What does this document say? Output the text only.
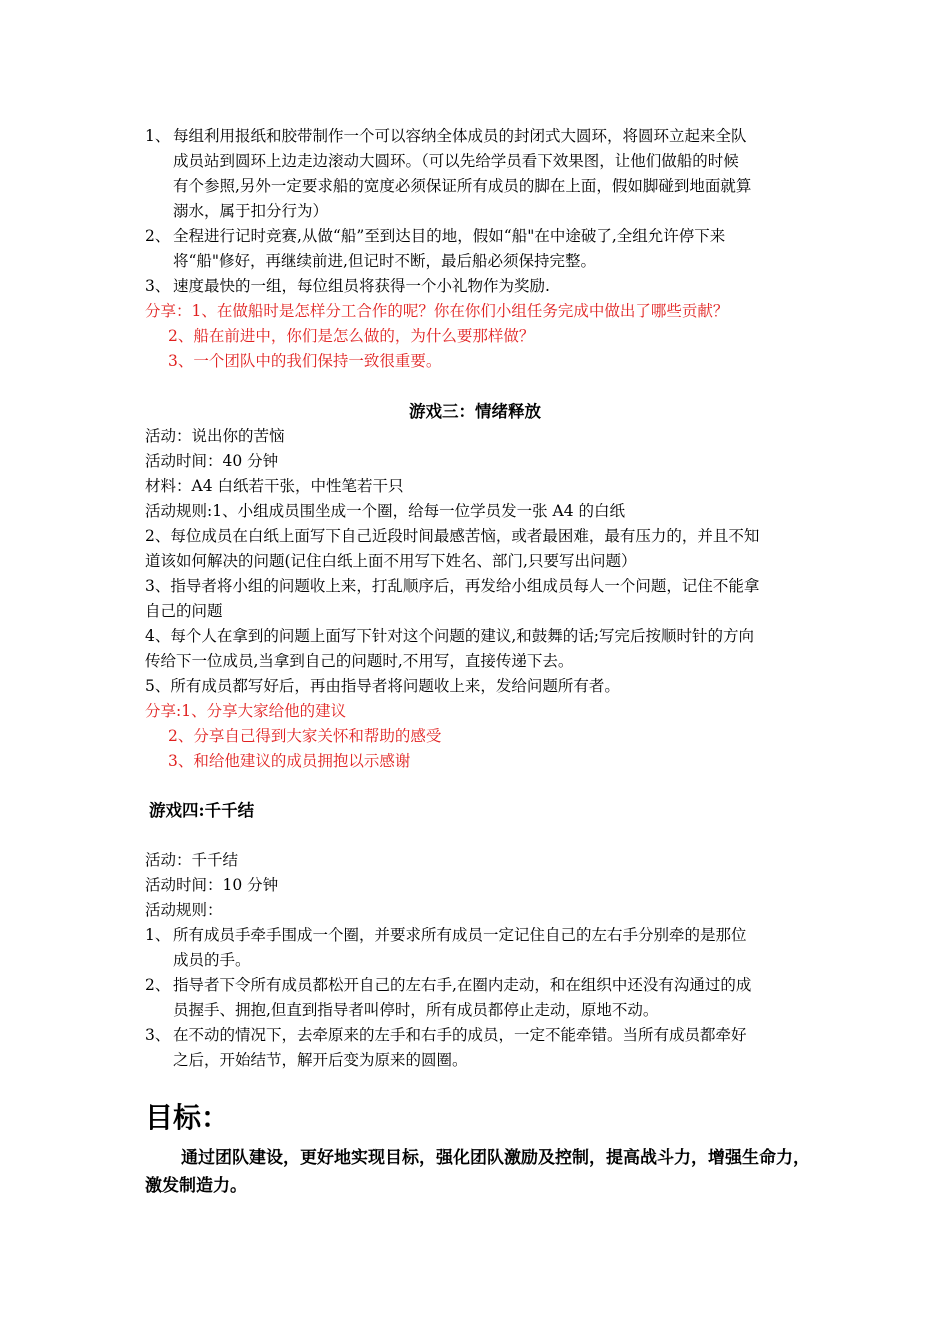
1、 每组利用报纸和胶带制作一个可以容纳全体成员的封闭式大圆环，将圆环立起来全队
成员站到圆环上边走边滚动大圆环。（可以先给学员看下效果图，让他们做船的时候
有个参照,另外一定要求船的宽度必须保证所有成员的脚在上面，假如脚碰到地面就算
溺水，属于扣分行为）
2、 全程进行记时竞赛,从做“船”至到达目的地，假如“船"在中途破了,全组允许停下来
将“船"修好，再继续前进,但记时不断，最后船必须保持完整。
3、 速度最快的一组，每位组员将获得一个小礼物作为奖励.
分享：1、在做船时是怎样分工合作的呢？你在你们小组任务完成中做出了哪些贡献？
2、船在前进中，你们是怎么做的，为什么要那样做？
3、一个团队中的我们保持一致很重要。
游戏三：情绪释放
活动：说出你的苦恼
活动时间：40 分钟
材料：A4 白纸若干张，中性笔若干只
活动规则:1、小组成员围坐成一个圈，给每一位学员发一张 A4 的白纸
2、每位成员在白纸上面写下自己近段时间最感苦恼，或者最困难，最有压力的，并且不知
道该如何解决的问题(记住白纸上面不用写下姓名、部门,只要写出问题）
3、指导者将小组的问题收上来，打乱顺序后，再发给小组成员每人一个问题，记住不能拿
自己的问题
4、每个人在拿到的问题上面写下针对这个问题的建议,和鼓舞的话;写完后按顺时针的方向
传给下一位成员,当拿到自己的问题时,不用写，直接传递下去。
5、所有成员都写好后，再由指导者将问题收上来，发给问题所有者。
分享:1、分享大家给他的建议
2、分享自己得到大家关怀和帮助的感受
3、和给他建议的成员拥抱以示感谢
游戏四:千千结
活动：千千结
活动时间：10 分钟
活动规则：
1、 所有成员手牵手围成一个圈，并要求所有成员一定记住自己的左右手分别牵的是那位
成员的手。
2、 指导者下令所有成员都松开自己的左右手,在圈内走动，和在组织中还没有沟通过的成
员握手、拥抱,但直到指导者叫停时，所有成员都停止走动，原地不动。
3、 在不动的情况下，去牵原来的左手和右手的成员，一定不能牵错。当所有成员都牵好
之后，开始结节，解开后变为原来的圆圈。
目标：
通过团队建设，更好地实现目标，强化团队激励及控制，提高战斗力，增强生命力，激发制造力。
